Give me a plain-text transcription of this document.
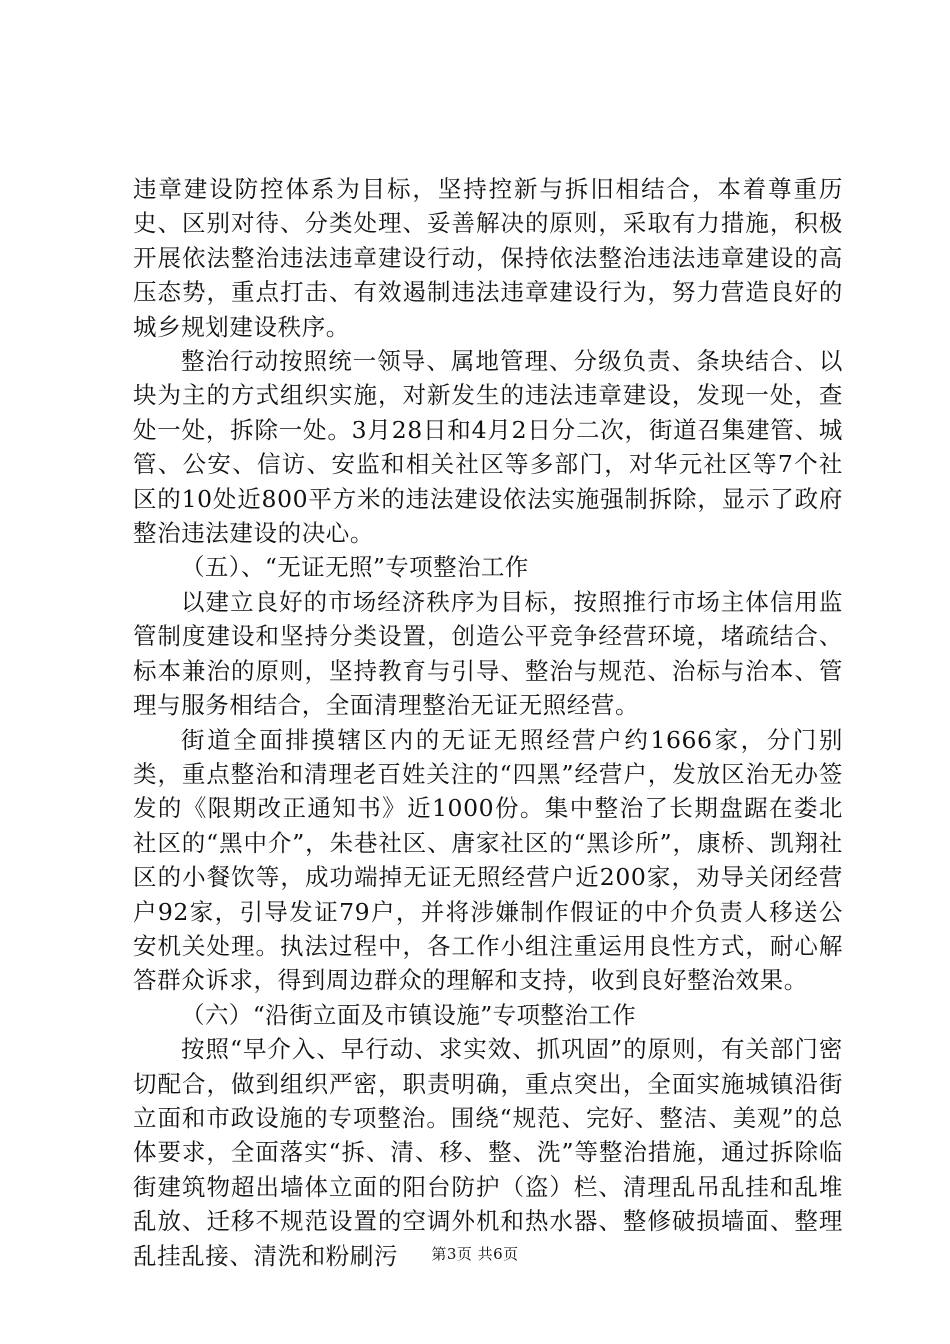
违章建设防控体系为目标，坚持控新与拆旧相结合，本着尊重历史、区别对待、分类处理、妥善解决的原则，采取有力措施，积极开展依法整治违法违章建设行动，保持依法整治违法违章建设的高压态势，重点打击、有效遏制违法违章建设行为，努力营造良好的城乡规划建设秩序。

整治行动按照统一领导、属地管理、分级负责、条块结合、以块为主的方式组织实施，对新发生的违法违章建设，发现一处，查处一处，拆除一处。3月28日和4月2日分二次，街道召集建管、城管、公安、信访、安监和相关社区等多部门，对华元社区等7个社区的10处近800平方米的违法建设依法实施强制拆除，显示了政府整治违法建设的决心。

（五）、“无证无照”专项整治工作

以建立良好的市场经济秩序为目标，按照推行市场主体信用监管制度建设和坚持分类设置，创造公平竞争经营环境，堵疏结合、标本兼治的原则，坚持教育与引导、整治与规范、治标与治本、管理与服务相结合，全面清理整治无证无照经营。

街道全面排摸辖区内的无证无照经营户约1666家，分门别类，重点整治和清理老百姓关注的“四黑”经营户，发放区治无办签发的《限期改正通知书》近1000份。集中整治了长期盘踞在娄北社区的“黑中介”，朱巷社区、唐家社区的“黑诊所”，康桥、凯翔社区的小餐饮等，成功端掉无证无照经营户近200家，劝导关闭经营户92家，引导发证79户，并将涉嫌制作假证的中介负责人移送公安机关处理。执法过程中，各工作小组注重运用良性方式，耐心解答群众诉求，得到周边群众的理解和支持，收到良好整治效果。

（六）“沿街立面及市镇设施”专项整治工作

按照“早介入、早行动、求实效、抓巩固”的原则，有关部门密切配合，做到组织严密，职责明确，重点突出，全面实施城镇沿街立面和市政设施的专项整治。围绕“规范、完好、整洁、美观”的总体要求，全面落实“拆、清、移、整、洗”等整治措施，通过拆除临街建筑物超出墙体立面的阳台防护（盗）栏、清理乱吊乱挂和乱堆乱放、迁移不规范设置的空调外机和热水器、整修破损墙面、整理乱挂乱接、清洗和粉刷污	第3页 共6页
